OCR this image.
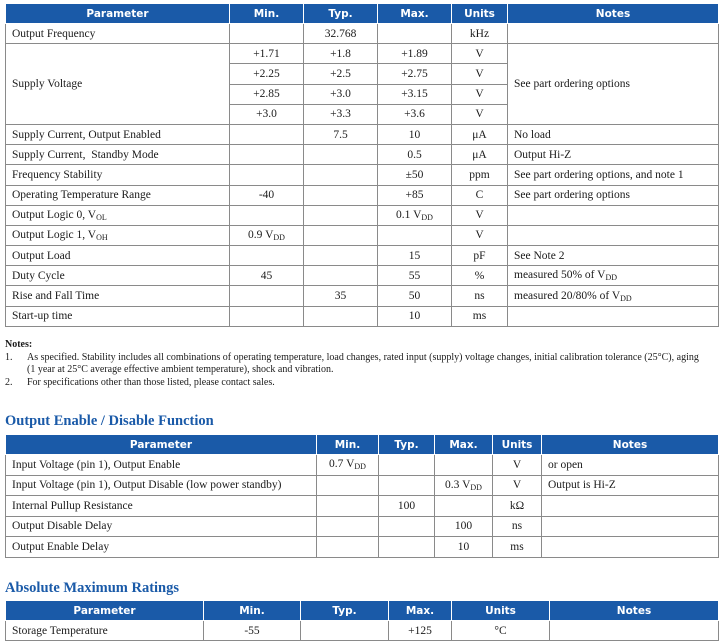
Parameter	Min.	Typ.	Max.	Units	Notes
Output Frequency		32.768		kHz	
Supply Voltage	+1.71	+1.8	+1.89	V	See part ordering options
	+2.25	+2.5	+2.75	V	
	+2.85	+3.0	+3.15	V	
	+3.0	+3.3	+3.6	V	
Supply Current, Output Enabled		7.5	10	μA	No load
Supply Current,  Standby Mode			0.5	μA	Output Hi-Z
Frequency Stability			±50	ppm	See part ordering options, and note 1
Operating Temperature Range	-40		+85	C	See part ordering options
Output Logic 0, $V_{OL}$			0.1 $V_{DD}$	V	
Output Logic 1, $V_{OH}$	0.9 $V_{DD}$			V	
Output Load			15	pF	See Note 2
Duty Cycle	45		55	%	measured 50% of $V_{DD}$
Rise and Fall Time		35	50	ns	measured 20/80% of $V_{DD}$
Start-up time			10	ms	
Notes:
1.	As specified. Stability includes all combinations of operating temperature, load changes, rated input (supply) voltage changes, initial calibration tolerance (25°C), aging (1 year at 25°C average effective ambient temperature), shock and vibration.
2.	For specifications other than those listed, please contact sales.
Output Enable / Disable Function
Parameter	Min.	Typ.	Max.	Units	Notes
Input Voltage (pin 1), Output Enable	0.7 $V_{DD}$			V	or open
Input Voltage (pin 1), Output Disable (low power standby)			0.3 $V_{DD}$	V	Output is Hi-Z
Internal Pullup Resistance		100		kΩ	
Output Disable Delay			100	ns	
Output Enable Delay			10	ms	
Absolute Maximum Ratings
Parameter	Min.	Typ.	Max.	Units	Notes
Storage Temperature	-55		+125	°C	
